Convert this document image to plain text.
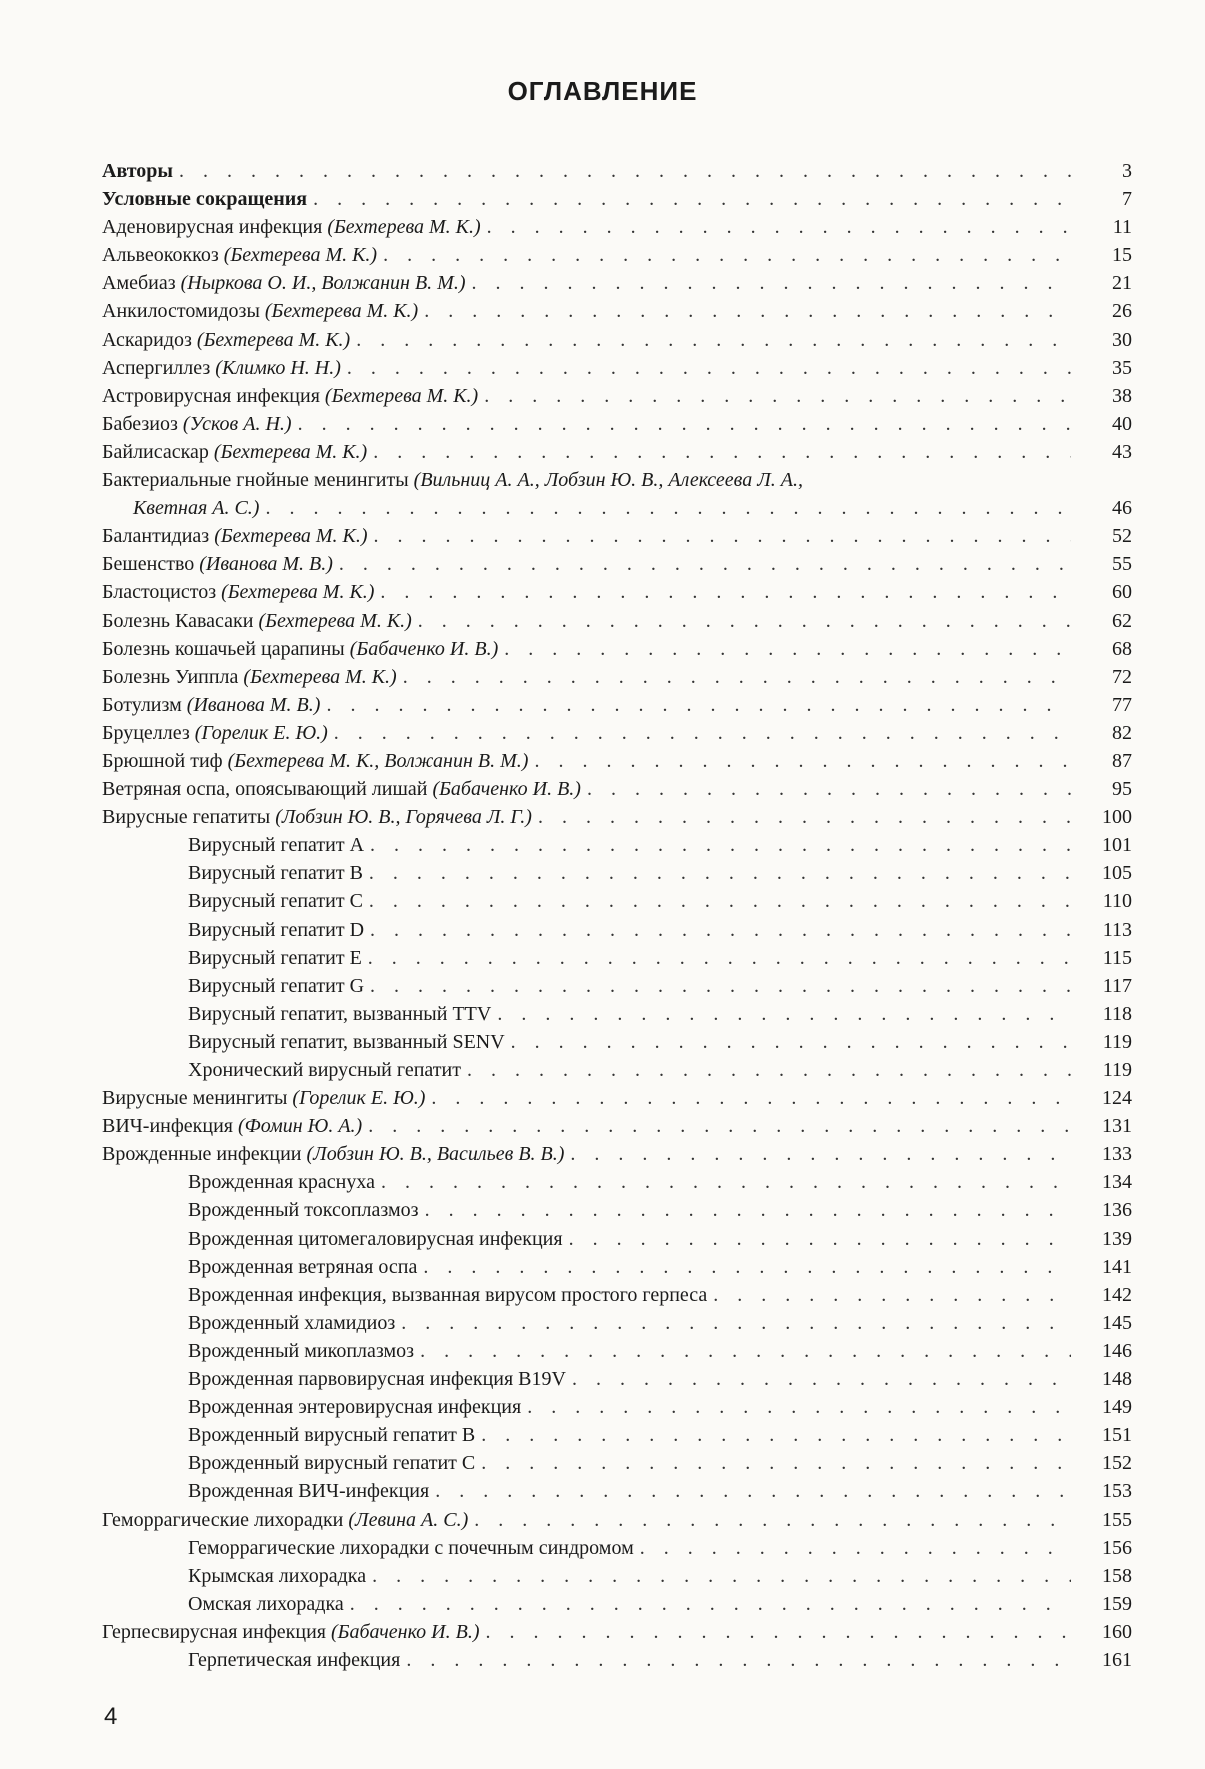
ОГЛАВЛЕНИЕ
Авторы . . .	3
Условные сокращения . . .	7
Аденовирусная инфекция (Бехтерева М. К.) . . .	11
Альвеококкоз (Бехтерева М. К.) . . .	15
Амебиаз (Ныркова О. И., Волжанин В. М.) . . .	21
Анкилостомидозы (Бехтерева М. К.) . . .	26
Аскаридоз (Бехтерева М. К.) . . .	30
Аспергиллез (Климко Н. Н.) . . .	35
Астровирусная инфекция (Бехтерева М. К.) . . .	38
Бабезиоз (Усков А. Н.) . . .	40
Байлисаскар (Бехтерева М. К.) . . .	43
Бактериальные гнойные менингиты (Вильниц А. А., Лобзин Ю. В., Алексеева Л. А.,
Кветная А. С.) . . .	46
Балантидиаз (Бехтерева М. К.) . . .	52
Бешенство (Иванова М. В.) . . .	55
Бластоцистоз (Бехтерева М. К.) . . .	60
Болезнь Кавасаки (Бехтерева М. К.) . . .	62
Болезнь кошачьей царапины (Бабаченко И. В.) . . .	68
Болезнь Уиппла (Бехтерева М. К.) . . .	72
Ботулизм (Иванова М. В.) . . .	77
Бруцеллез (Горелик Е. Ю.) . . .	82
Брюшной тиф (Бехтерева М. К., Волжанин В. М.) . . .	87
Ветряная оспа, опоясывающий лишай (Бабаченко И. В.) . . .	95
Вирусные гепатиты (Лобзин Ю. В., Горячева Л. Г.) . . .	100
Вирусный гепатит А . . .	101
Вирусный гепатит В . . .	105
Вирусный гепатит С . . .	110
Вирусный гепатит D . . .	113
Вирусный гепатит Е . . .	115
Вирусный гепатит G . . .	117
Вирусный гепатит, вызванный TTV . . .	118
Вирусный гепатит, вызванный SENV . . .	119
Хронический вирусный гепатит . . .	119
Вирусные менингиты (Горелик Е. Ю.) . . .	124
ВИЧ-инфекция (Фомин Ю. А.) . . .	131
Врожденные инфекции (Лобзин Ю. В., Васильев В. В.) . . .	133
Врожденная краснуха . . .	134
Врожденный токсоплазмоз . . .	136
Врожденная цитомегаловирусная инфекция . . .	139
Врожденная ветряная оспа . . .	141
Врожденная инфекция, вызванная вирусом простого герпеса . . .	142
Врожденный хламидиоз . . .	145
Врожденный микоплазмоз . . .	146
Врожденная парвовирусная инфекция В19V . . .	148
Врожденная энтеровирусная инфекция . . .	149
Врожденный вирусный гепатит В . . .	151
Врожденный вирусный гепатит С . . .	152
Врожденная ВИЧ-инфекция . . .	153
Геморрагические лихорадки (Левина А. С.) . . .	155
Геморрагические лихорадки с почечным синдромом . . .	156
Крымская лихорадка . . .	158
Омская лихорадка . . .	159
Герпесвирусная инфекция (Бабаченко И. В.) . . .	160
Герпетическая инфекция . . .	161
4
